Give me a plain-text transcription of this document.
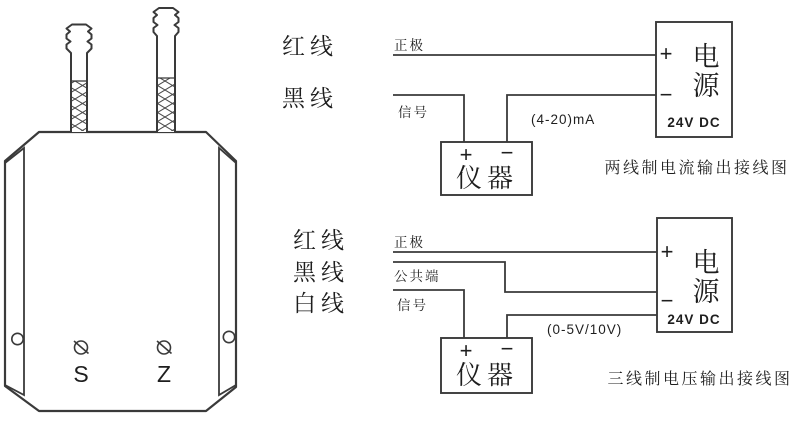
S	Z
红线
黑线
正极
信号	(4-20)mA
+ −
仪器
+
−
电
源
24V DC
两线制电流输出接线图
红线
黑线
白线
正极
公共端
信号
(0-5V/10V)
+ −
仪器
+
−
电
源
24V DC
三线制电压输出接线图
